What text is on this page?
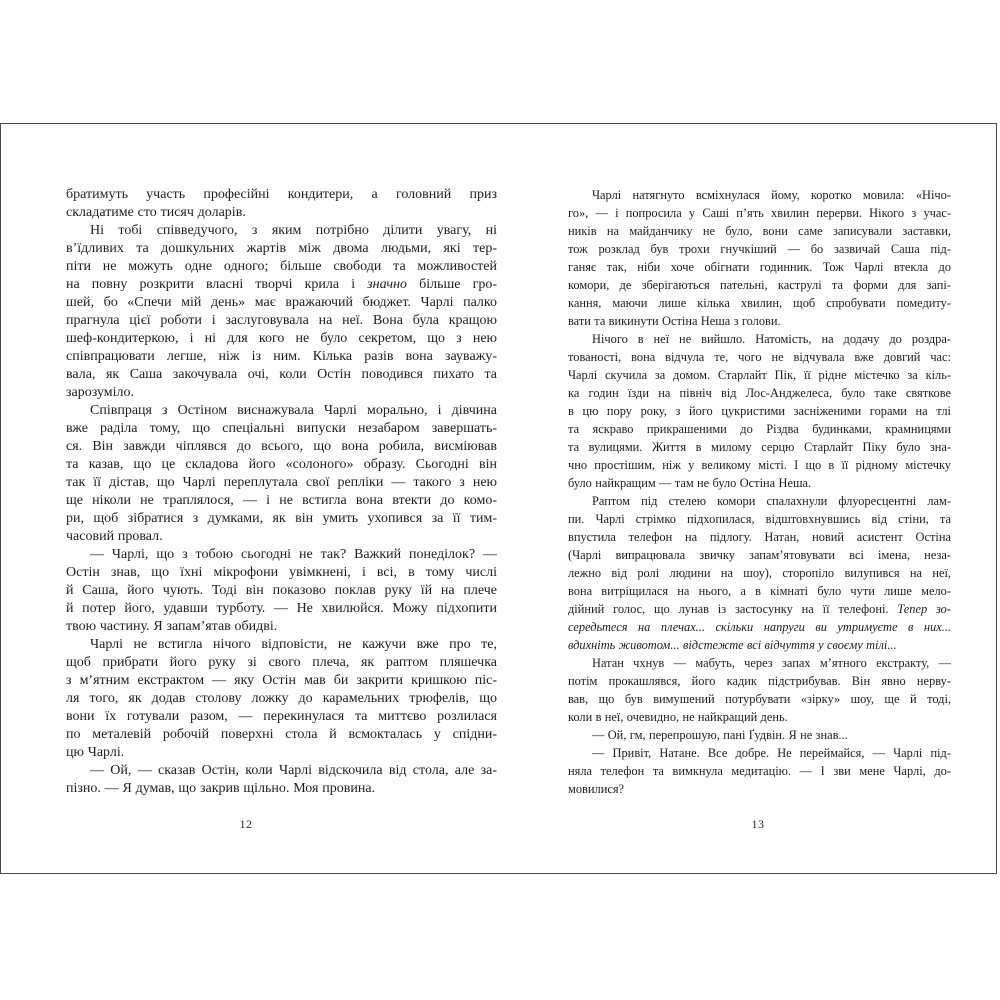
братимуть участь професійні кондитери, а головний приз
складатиме сто тисяч доларів.
Ні тобі співведучого, з яким потрібно ділити увагу, ні
в’їдливих та дошкульних жартів між двома людьми, які тер-
піти не можуть одне одного; більше свободи та можливостей
на повну розкрити власні творчі крила і значно більше гро-
шей, бо «Спечи мій день» має вражаючий бюджет. Чарлі палко
прагнула цієї роботи і заслуговувала на неї. Вона була кращою
шеф-кондитеркою, і ні для кого не було секретом, що з нею
співпрацювати легше, ніж із ним. Кілька разів вона зауважу-
вала, як Саша закочувала очі, коли Остін поводився пихато та
зарозуміло.
Співпраця з Остіном виснажувала Чарлі морально, і дівчина
вже раділа тому, що спеціальні випуски незабаром завершать-
ся. Він завжди чіплявся до всього, що вона робила, висміював
та казав, що це складова його «солоного» образу. Сьогодні він
так її дістав, що Чарлі переплутала свої репліки — такого з нею
ще ніколи не траплялося, — і не встигла вона втекти до комо-
ри, щоб зібратися з думками, як він умить ухопився за її тим-
часовий провал.
— Чарлі, що з тобою сьогодні не так? Важкий понеділок? —
Остін знав, що їхні мікрофони увімкнені, і всі, в тому числі
й Саша, його чують. Тоді він показово поклав руку їй на плече
й потер його, удавши турботу. — Не хвилюйся. Можу підхопити
твою частину. Я запам’ятав обидві.
Чарлі не встигла нічого відповісти, не кажучи вже про те,
щоб прибрати його руку зі свого плеча, як раптом пляшечка
з м’ятним екстрактом — яку Остін мав би закрити кришкою піс-
ля того, як додав столову ложку до карамельних трюфелів, що
вони їх готували разом, — перекинулася та миттєво розлилася
по металевій робочій поверхні стола й всмокталась у спідни-
цю Чарлі.
— Ой, — сказав Остін, коли Чарлі відскочила від стола, але за-
пізно. — Я думав, що закрив щільно. Моя провина.
Чарлі натягнуто всміхнулася йому, коротко мовила: «Нічо-
го», — і попросила у Саші п’ять хвилин перерви. Нікого з учас-
ників на майданчику не було, вони саме записували заставки,
тож розклад був трохи гнучкіший — бо зазвичай Саша під-
ганяє так, ніби хоче обігнати годинник. Тож Чарлі втекла до
комори, де зберігаються пательні, каструлі та форми для запі-
кання, маючи лише кілька хвилин, щоб спробувати помедиту-
вати та викинути Остіна Неша з голови.
Нічого в неї не вийшло. Натомість, на додачу до роздра-
тованості, вона відчула те, чого не відчувала вже довгий час:
Чарлі скучила за домом. Старлайт Пік, її рідне містечко за кіль-
ка годин їзди на північ від Лос-Анджелеса, було таке святкове
в цю пору року, з його цукристими засніженими горами на тлі
та яскраво прикрашеними до Різдва будинками, крамницями
та вулицями. Життя в милому серцю Старлайт Піку було зна-
чно простішим, ніж у великому місті. І що в її рідному містечку
було найкращим — там не було Остіна Неша.
Раптом під стелею комори спалахнули флуоресцентні лам-
пи. Чарлі стрімко підхопилася, відштовхнувшись від стіни, та
впустила телефон на підлогу. Натан, новий асистент Остіна
(Чарлі випрацювала звичку запам’ятовувати всі імена, неза-
лежно від ролі людини на шоу), сторопіло вилупився на неї,
вона витріщилася на нього, а в кімнаті було чути лише мело-
дійний голос, що лунав із застосунку на її телефоні. Тепер зо-
середьтеся на плечах... скільки напруги ви утримуєте в них...
вдихніть животом... відстежте всі відчуття у своєму тілі...
Натан чхнув — мабуть, через запах м’ятного екстракту, —
потім прокашлявся, його кадик підстрибував. Він явно нерву-
вав, що був вимушений потурбувати «зірку» шоу, ще й тоді,
коли в неї, очевидно, не найкращий день.
— Ой, гм, перепрошую, пані Ґудвін. Я не знав...
— Привіт, Натане. Все добре. Не переймайся, — Чарлі під-
няла телефон та вимкнула медитацію. — І зви мене Чарлі, до-
мовилися?
12	13
